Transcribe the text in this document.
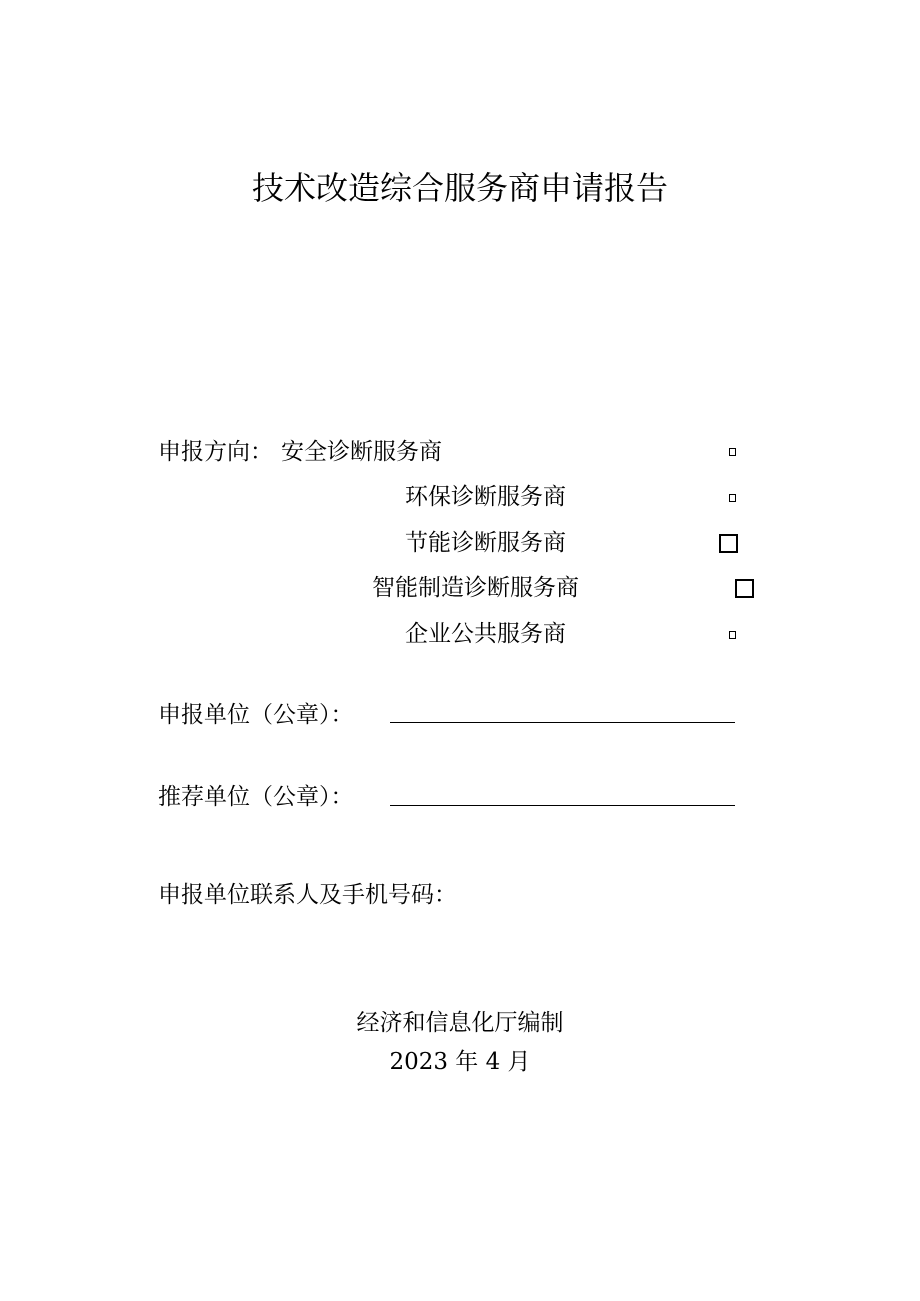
技术改造综合服务商申请报告
申报方向： 安全诊断服务商
环保诊断服务商
节能诊断服务商
智能制造诊断服务商
企业公共服务商
申报单位（公章）：
推荐单位（公章）：
申报单位联系人及手机号码：
经济和信息化厅编制
2023 年 4 月
